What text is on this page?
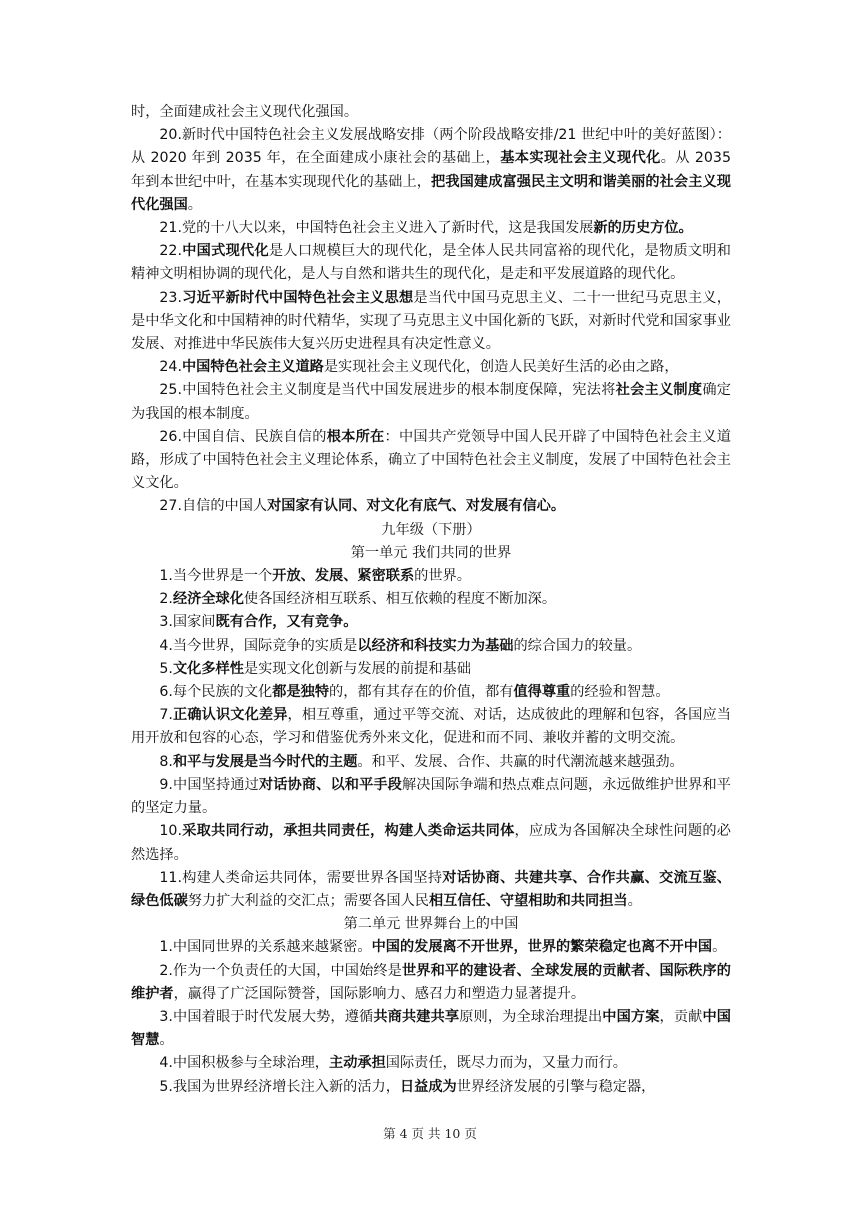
时，全面建成社会主义现代化强国。

20.新时代中国特色社会主义发展战略安排（两个阶段战略安排/21 世纪中叶的美好蓝图）：从 2020 年到 2035 年，在全面建成小康社会的基础上，基本实现社会主义现代化。从 2035 年到本世纪中叶，在基本实现现代化的基础上，把我国建成富强民主文明和谐美丽的社会主义现代化强国。

21.党的十八大以来，中国特色社会主义进入了新时代，这是我国发展新的历史方位。

22.中国式现代化是人口规模巨大的现代化，是全体人民共同富裕的现代化，是物质文明和精神文明相协调的现代化，是人与自然和谐共生的现代化，是走和平发展道路的现代化。

23.习近平新时代中国特色社会主义思想是当代中国马克思主义、二十一世纪马克思主义，是中华文化和中国精神的时代精华，实现了马克思主义中国化新的飞跃，对新时代党和国家事业发展、对推进中华民族伟大复兴历史进程具有决定性意义。

24.中国特色社会主义道路是实现社会主义现代化，创造人民美好生活的必由之路，

25.中国特色社会主义制度是当代中国发展进步的根本制度保障，宪法将社会主义制度确定为我国的根本制度。

26.中国自信、民族自信的根本所在：中国共产党领导中国人民开辟了中国特色社会主义道路，形成了中国特色社会主义理论体系，确立了中国特色社会主义制度，发展了中国特色社会主义文化。

27.自信的中国人对国家有认同、对文化有底气、对发展有信心。

九年级（下册）

第一单元 我们共同的世界

1.当今世界是一个开放、发展、紧密联系的世界。

2.经济全球化使各国经济相互联系、相互依赖的程度不断加深。

3.国家间既有合作，又有竞争。

4.当今世界，国际竞争的实质是以经济和科技实力为基础的综合国力的较量。

5.文化多样性是实现文化创新与发展的前提和基础

6.每个民族的文化都是独特的，都有其存在的价值，都有值得尊重的经验和智慧。

7.正确认识文化差异，相互尊重，通过平等交流、对话，达成彼此的理解和包容，各国应当用开放和包容的心态，学习和借鉴优秀外来文化，促进和而不同、兼收并蓄的文明交流。

8.和平与发展是当今时代的主题。和平、发展、合作、共赢的时代潮流越来越强劲。

9.中国坚持通过对话协商、以和平手段解决国际争端和热点难点问题，永远做维护世界和平的坚定力量。

10.采取共同行动，承担共同责任，构建人类命运共同体，应成为各国解决全球性问题的必然选择。

11.构建人类命运共同体，需要世界各国坚持对话协商、共建共享、合作共赢、交流互鉴、绿色低碳努力扩大利益的交汇点；需要各国人民相互信任、守望相助和共同担当。

第二单元 世界舞台上的中国

1.中国同世界的关系越来越紧密。中国的发展离不开世界，世界的繁荣稳定也离不开中国。

2.作为一个负责任的大国，中国始终是世界和平的建设者、全球发展的贡献者、国际秩序的维护者，赢得了广泛国际赞誉，国际影响力、感召力和塑造力显著提升。

3.中国着眼于时代发展大势，遵循共商共建共享原则，为全球治理提出中国方案，贡献中国智慧。

4.中国积极参与全球治理，主动承担国际责任，既尽力而为，又量力而行。

5.我国为世界经济增长注入新的活力，日益成为世界经济发展的引擎与稳定器，

第 4 页 共 10 页
